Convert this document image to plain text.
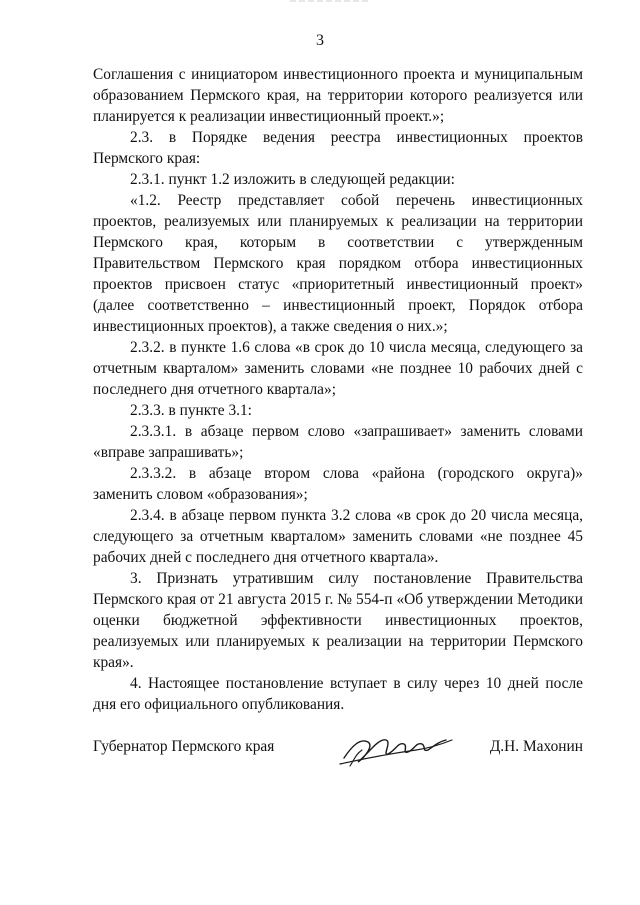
3

Соглашения с инициатором инвестиционного проекта и муниципальным образованием Пермского края, на территории которого реализуется или планируется к реализации инвестиционный проект.»;

2.3. в Порядке ведения реестра инвестиционных проектов Пермского края:

2.3.1. пункт 1.2 изложить в следующей редакции:

«1.2. Реестр представляет собой перечень инвестиционных проектов, реализуемых или планируемых к реализации на территории Пермского края, которым в соответствии с утвержденным Правительством Пермского края порядком отбора инвестиционных проектов присвоен статус «приоритетный инвестиционный проект» (далее соответственно – инвестиционный проект, Порядок отбора инвестиционных проектов), а также сведения о них.»;

2.3.2. в пункте 1.6 слова «в срок до 10 числа месяца, следующего за отчетным кварталом» заменить словами «не позднее 10 рабочих дней с последнего дня отчетного квартала»;

2.3.3. в пункте 3.1:

2.3.3.1. в абзаце первом слово «запрашивает» заменить словами «вправе запрашивать»;

2.3.3.2. в абзаце втором слова «района (городского округа)» заменить словом «образования»;

2.3.4. в абзаце первом пункта 3.2 слова «в срок до 20 числа месяца, следующего за отчетным кварталом» заменить словами «не позднее 45 рабочих дней с последнего дня отчетного квартала».

3. Признать утратившим силу постановление Правительства Пермского края от 21 августа 2015 г. № 554-п «Об утверждении Методики оценки бюджетной эффективности инвестиционных проектов, реализуемых или планируемых к реализации на территории Пермского края».

4. Настоящее постановление вступает в силу через 10 дней после дня его официального опубликования.

Губернатор Пермского края	Д.Н. Махонин
